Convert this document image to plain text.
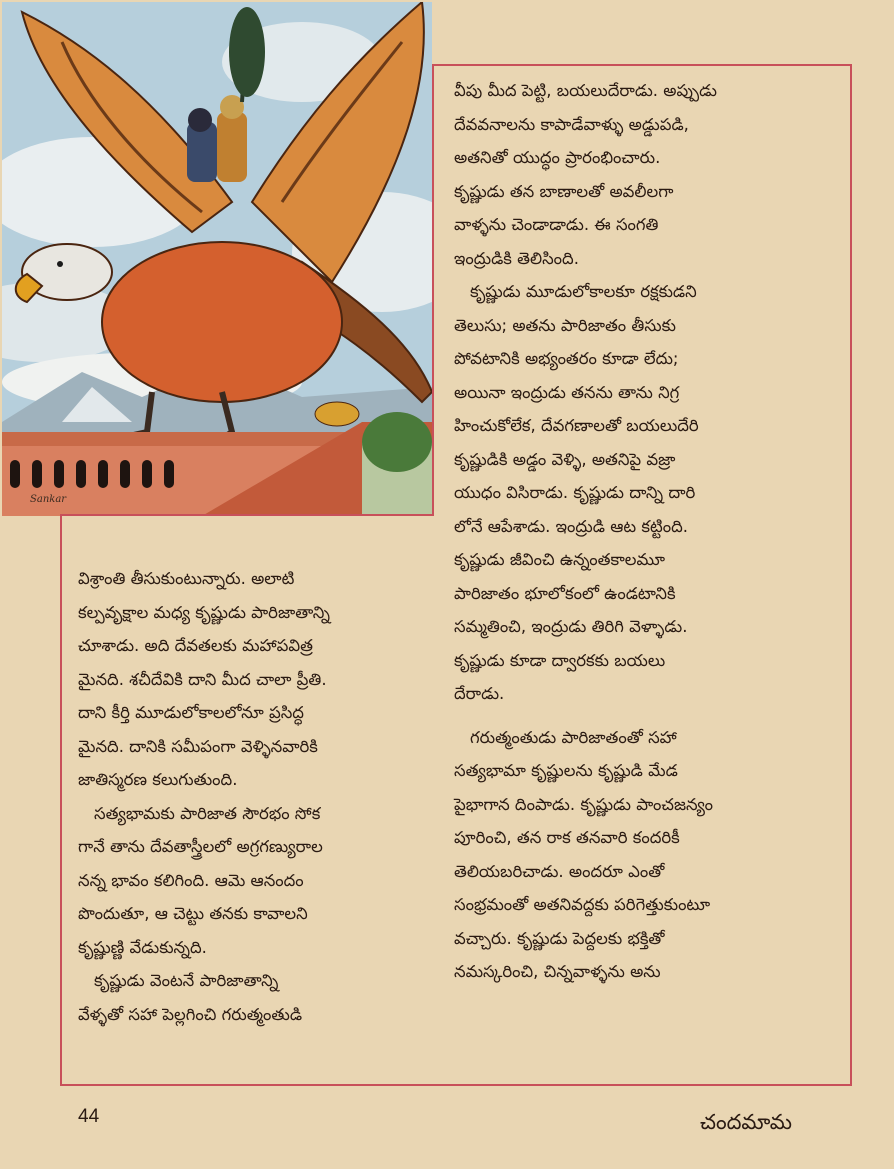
Sankar

వీపు మీద పెట్టి, బయలుదేరాడు. అప్పుడు

దేవవనాలను కాపాడేవాళ్ళు అడ్డుపడి,

అతనితో యుద్ధం ప్రారంభించారు.

కృష్ణుడు తన బాణాలతో అవలీలగా

వాళ్ళను చెండాడాడు. ఈ సంగతి

ఇంద్రుడికి తెలిసింది.

కృష్ణుడు మూడులోకాలకూ రక్షకుడని

తెలుసు; అతను పారిజాతం తీసుకు

పోవటానికి అభ్యంతరం కూడా లేదు;

అయినా ఇంద్రుడు తనను తాను నిగ్ర

హించుకోలేక, దేవగణాలతో బయలుదేరి

కృష్ణుడికి అడ్డం వెళ్ళి, అతనిపై వజ్రా

యుధం విసిరాడు. కృష్ణుడు దాన్ని దారి

లోనే ఆపేశాడు. ఇంద్రుడి ఆట కట్టింది.

కృష్ణుడు జీవించి ఉన్నంతకాలమూ

పారిజాతం భూలోకంలో ఉండటానికి

సమ్మతించి, ఇంద్రుడు తిరిగి వెళ్ళాడు.

కృష్ణుడు కూడా ద్వారకకు బయలు

దేరాడు.

గరుత్మంతుడు పారిజాతంతో సహా

సత్యభామా కృష్ణులను కృష్ణుడి మేడ

పైభాగాన దింపాడు. కృష్ణుడు పాంచజన్యం

పూరించి, తన రాక తనవారి కందరికీ

తెలియబరిచాడు. అందరూ ఎంతో

సంభ్రమంతో అతనివద్దకు పరిగెత్తుకుంటూ

వచ్చారు. కృష్ణుడు పెద్దలకు భక్తితో

నమస్కరించి, చిన్నవాళ్ళను అను

విశ్రాంతి తీసుకుంటున్నారు. అలాటి

కల్పవృక్షాల మధ్య కృష్ణుడు పారిజాతాన్ని

చూశాడు. అది దేవతలకు మహాపవిత్ర

మైనది. శచీదేవికి దాని మీద చాలా ప్రీతి.

దాని కీర్తి మూడులోకాలలోనూ ప్రసిద్ధ

మైనది. దానికి సమీపంగా వెళ్ళినవారికి

జాతిస్మరణ కలుగుతుంది.

సత్యభామకు పారిజాత సౌరభం సోక

గానే తాను దేవతాస్త్రీలలో అగ్రగణ్యురాల

నన్న భావం కలిగింది. ఆమె ఆనందం

పొందుతూ, ఆ చెట్టు తనకు కావాలని

కృష్ణుణ్ణి వేడుకున్నది.

కృష్ణుడు వెంటనే పారిజాతాన్ని

వేళ్ళతో సహా పెల్లగించి గరుత్మంతుడి

44	చందమామ
